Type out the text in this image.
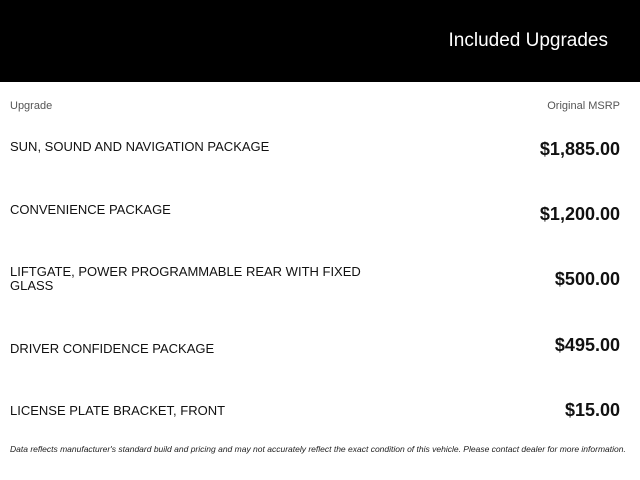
Included Upgrades
Upgrade	Original MSRP
SUN, SOUND AND NAVIGATION PACKAGE	$1,885.00
CONVENIENCE PACKAGE	$1,200.00
LIFTGATE, POWER PROGRAMMABLE REAR WITH FIXED GLASS	$500.00
DRIVER CONFIDENCE PACKAGE	$495.00
LICENSE PLATE BRACKET, FRONT	$15.00
Data reflects manufacturer's standard build and pricing and may not accurately reflect the exact condition of this vehicle. Please contact dealer for more information.
